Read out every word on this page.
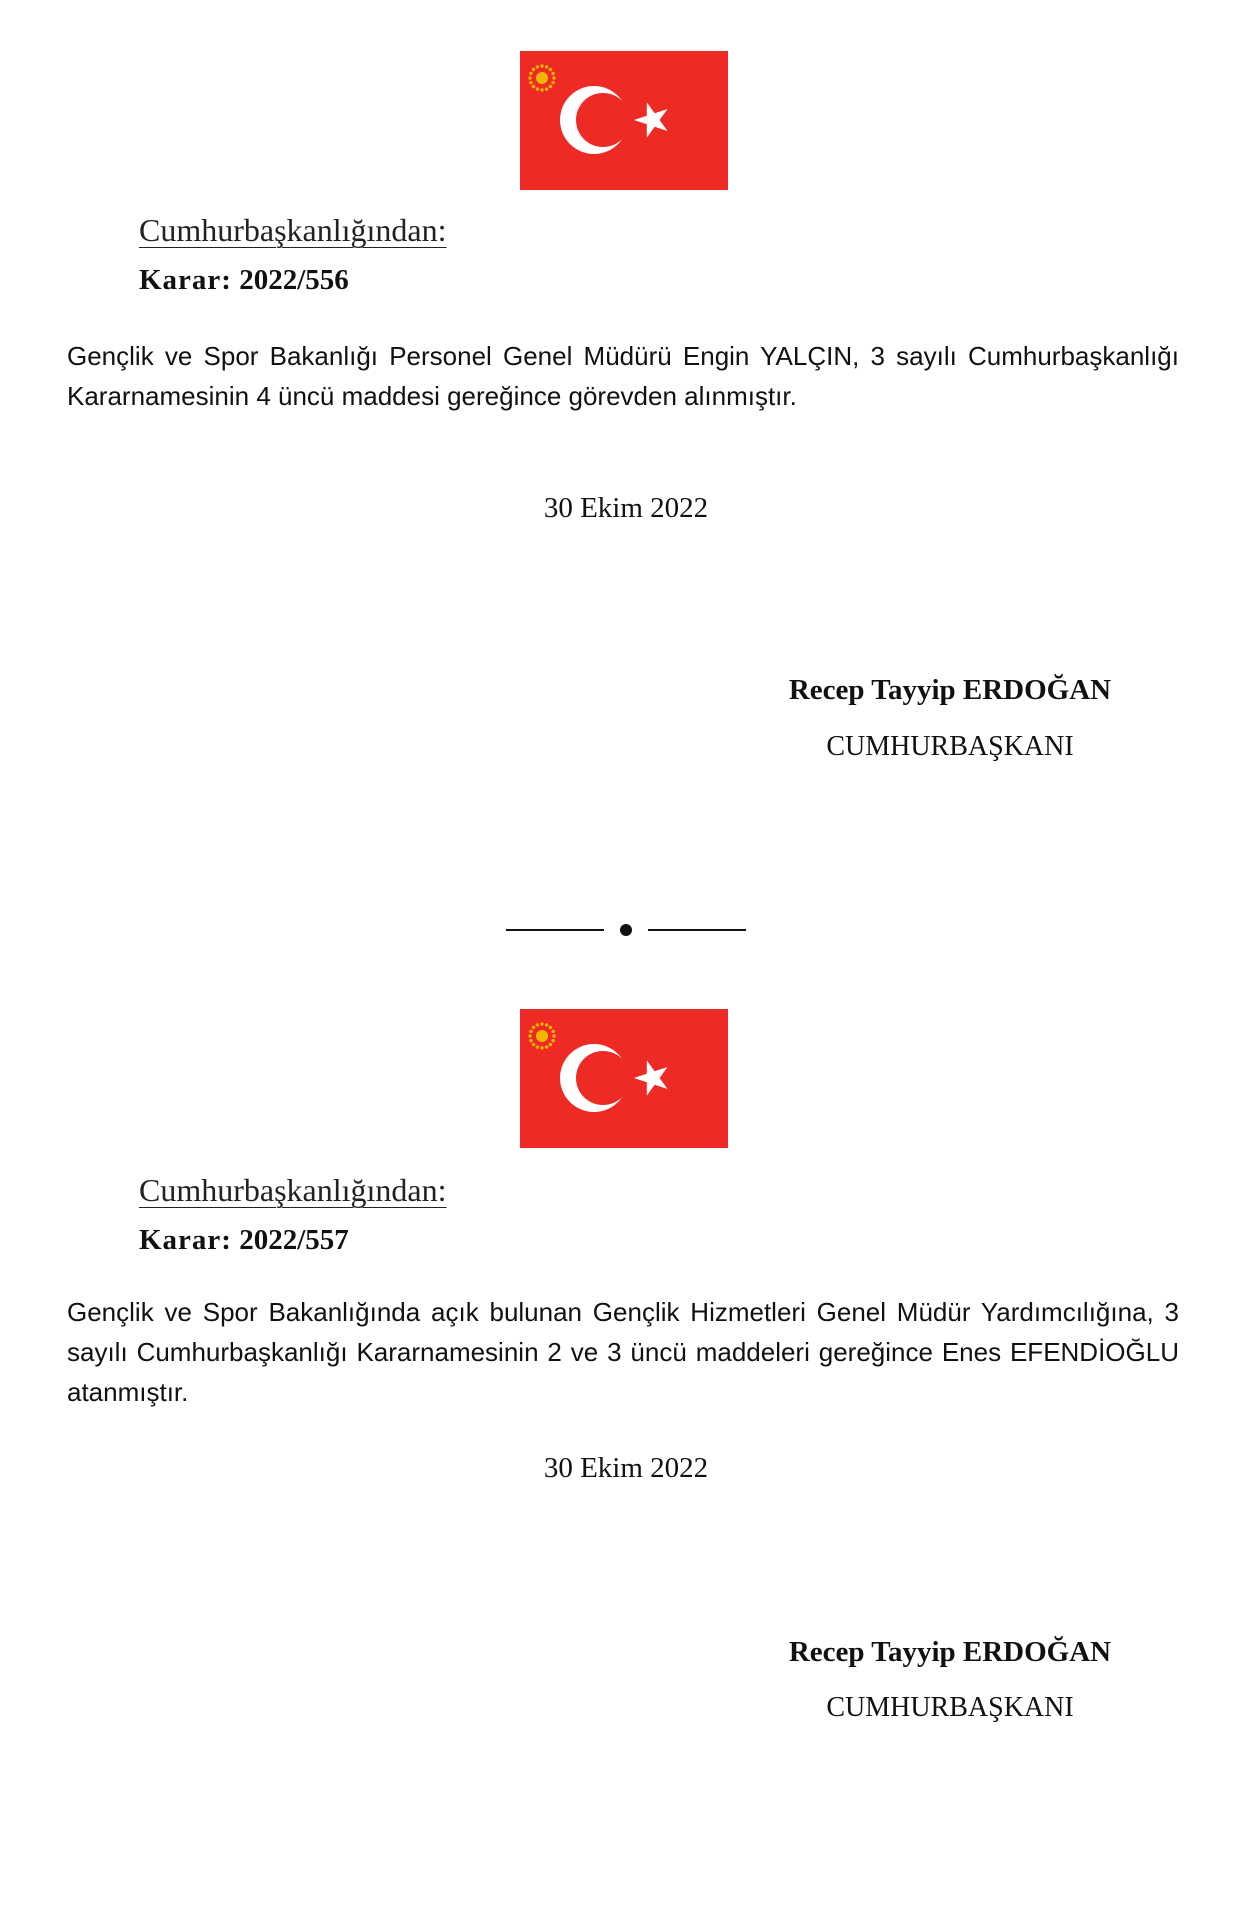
Cumhurbaşkanlığından:
Karar: 2022/556
Gençlik ve Spor Bakanlığı Personel Genel Müdürü Engin YALÇIN, 3 sayılı Cumhurbaşkanlığı Kararnamesinin 4 üncü maddesi gereğince görevden alınmıştır.
30 Ekim 2022
Recep Tayyip ERDOĞAN
CUMHURBAŞKANI
Cumhurbaşkanlığından:
Karar: 2022/557
Gençlik ve Spor Bakanlığında açık bulunan Gençlik Hizmetleri Genel Müdür Yardımcılığına, 3 sayılı Cumhurbaşkanlığı Kararnamesinin 2 ve 3 üncü maddeleri gereğince Enes EFENDİOĞLU atanmıştır.
30 Ekim 2022
Recep Tayyip ERDOĞAN
CUMHURBAŞKANI
